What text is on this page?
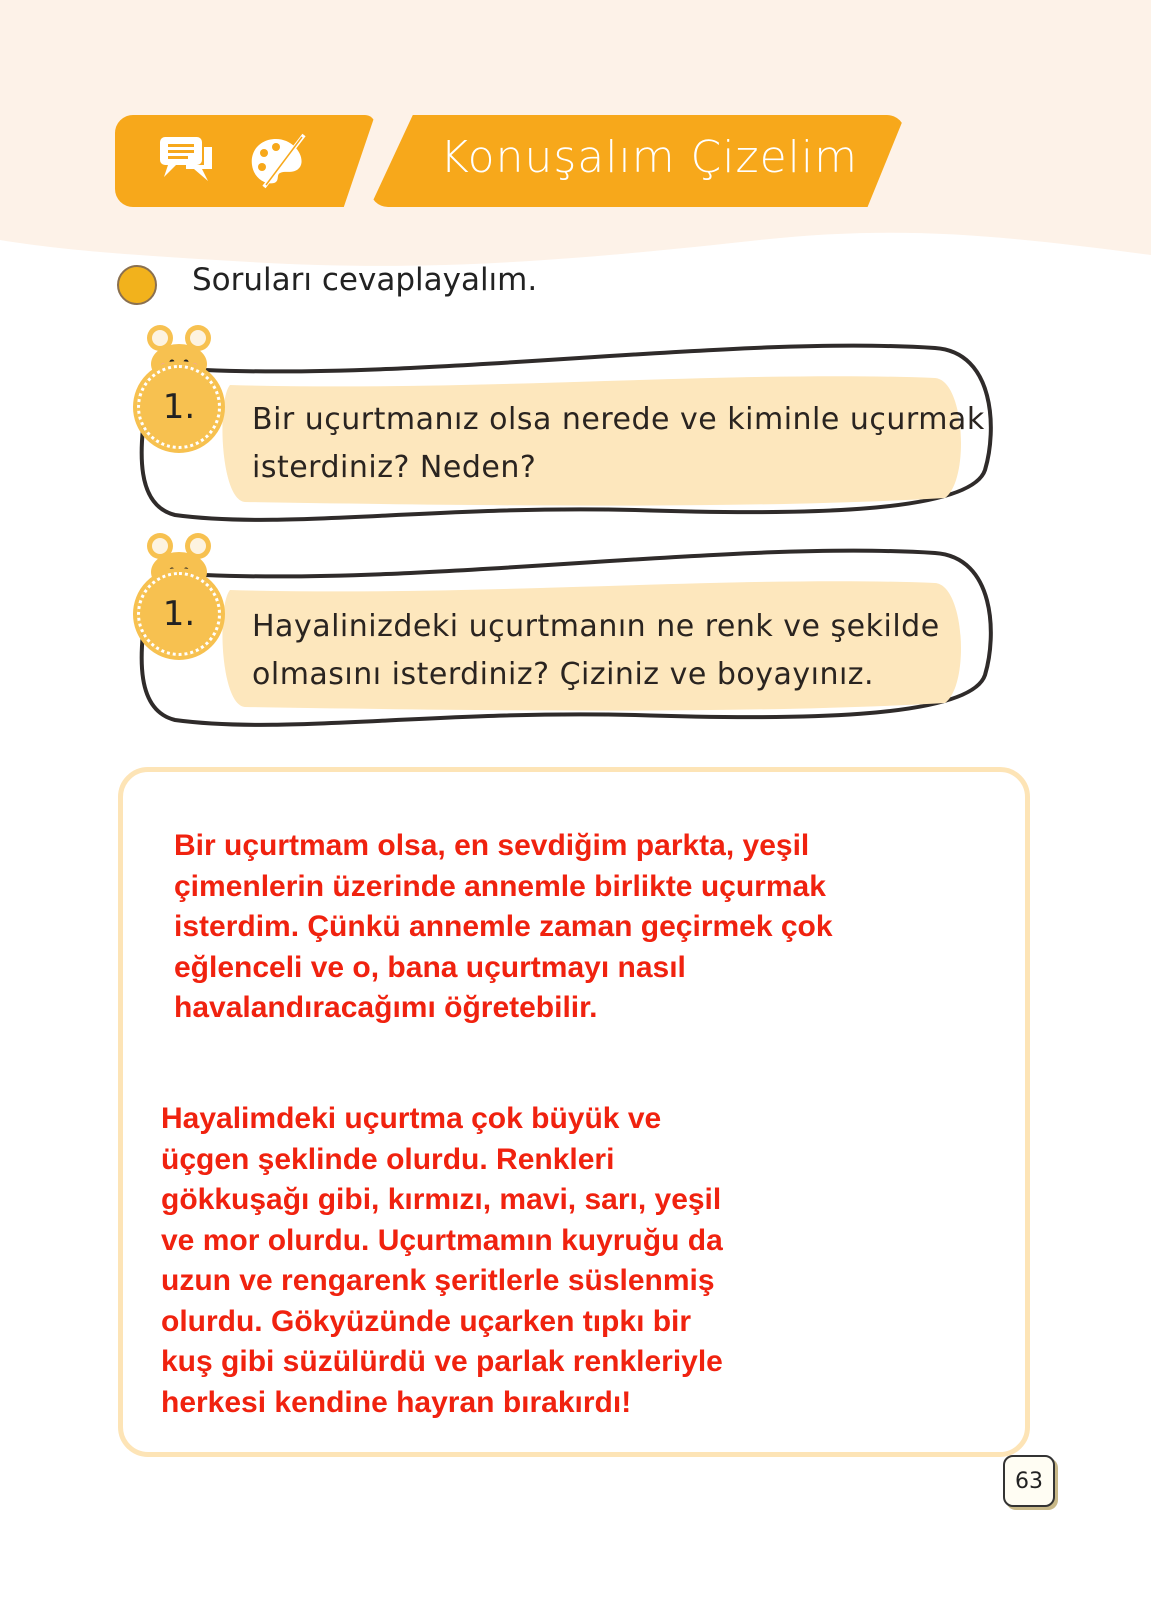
Konuşalım Çizelim
Soruları cevaplayalım.
Bir uçurtmanız olsa nerede ve kiminle uçurmak
isterdiniz? Neden?
1.
Hayalinizdeki uçurtmanın ne renk ve şekilde
olmasını isterdiniz? Çiziniz ve boyayınız.
1.
Bir uçurtmam olsa, en sevdiğim parkta, yeşil
çimenlerin üzerinde annemle birlikte uçurmak
isterdim. Çünkü annemle zaman geçirmek çok
eğlenceli ve o, bana uçurtmayı nasıl
havalandıracağımı öğretebilir.
Hayalimdeki uçurtma çok büyük ve
üçgen şeklinde olurdu. Renkleri
gökkuşağı gibi, kırmızı, mavi, sarı, yeşil
ve mor olurdu. Uçurtmamın kuyruğu da
uzun ve rengarenk şeritlerle süslenmiş
olurdu. Gökyüzünde uçarken tıpkı bir
kuş gibi süzülürdü ve parlak renkleriyle
herkesi kendine hayran bırakırdı!
63
